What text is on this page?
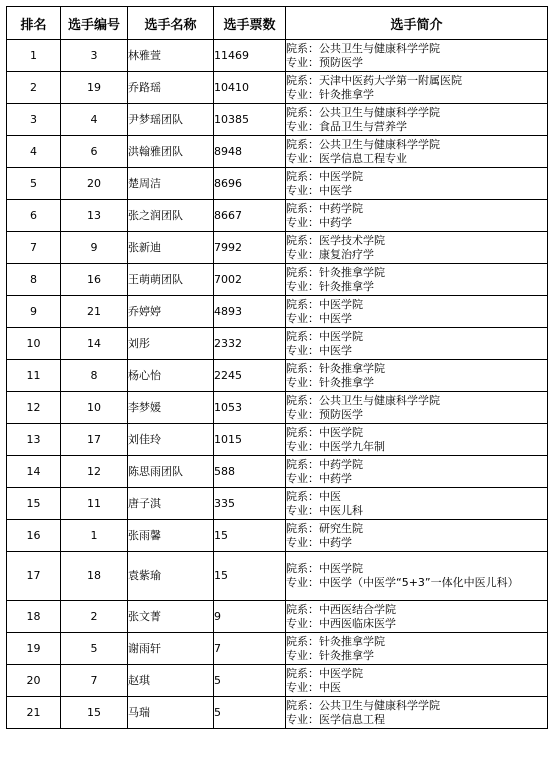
排名	选手编号	选手名称	选手票数	选手简介
1	3	林雅萱	11469	院系：公共卫生与健康科学学院
专业：预防医学

2	19	乔路瑶	10410	院系：天津中医药大学第一附属医院
专业：针灸推拿学

3	4	尹梦瑶团队	10385	院系：公共卫生与健康科学学院
专业：食品卫生与营养学

4	6	洪翰雅团队	8948	院系：公共卫生与健康科学学院
专业：医学信息工程专业

5	20	楚周洁	8696	院系：中医学院
专业：中医学

6	13	张之润团队	8667	院系：中药学院
专业：中药学

7	9	张新迪	7992	院系：医学技术学院
专业：康复治疗学

8	16	王萌萌团队	7002	院系：针灸推拿学院
专业：针灸推拿学

9	21	乔婷婷	4893	院系：中医学院
专业：中医学

10	14	刘彤	2332	院系：中医学院
专业：中医学

11	8	杨心怡	2245	院系：针灸推拿学院
专业：针灸推拿学

12	10	李梦媛	1053	院系：公共卫生与健康科学学院
专业：预防医学

13	17	刘佳玲	1015	院系：中医学院
专业：中医学九年制

14	12	陈思雨团队	588	院系：中药学院
专业：中药学

15	11	唐子淇	335	院系：中医
专业：中医儿科

16	1	张雨馨	15	院系：研究生院
专业：中药学

17	18	袁紫瑜	15	院系：中医学院
专业：中医学（中医学“5+3”一体化中医儿科）

18	2	张文菁	9	院系：中西医结合学院
专业：中西医临床医学

19	5	谢雨轩	7	院系：针灸推拿学院
专业：针灸推拿学

20	7	赵琪	5	院系：中医学院
专业：中医

21	15	马瑞	5	院系：公共卫生与健康科学学院
专业：医学信息工程
